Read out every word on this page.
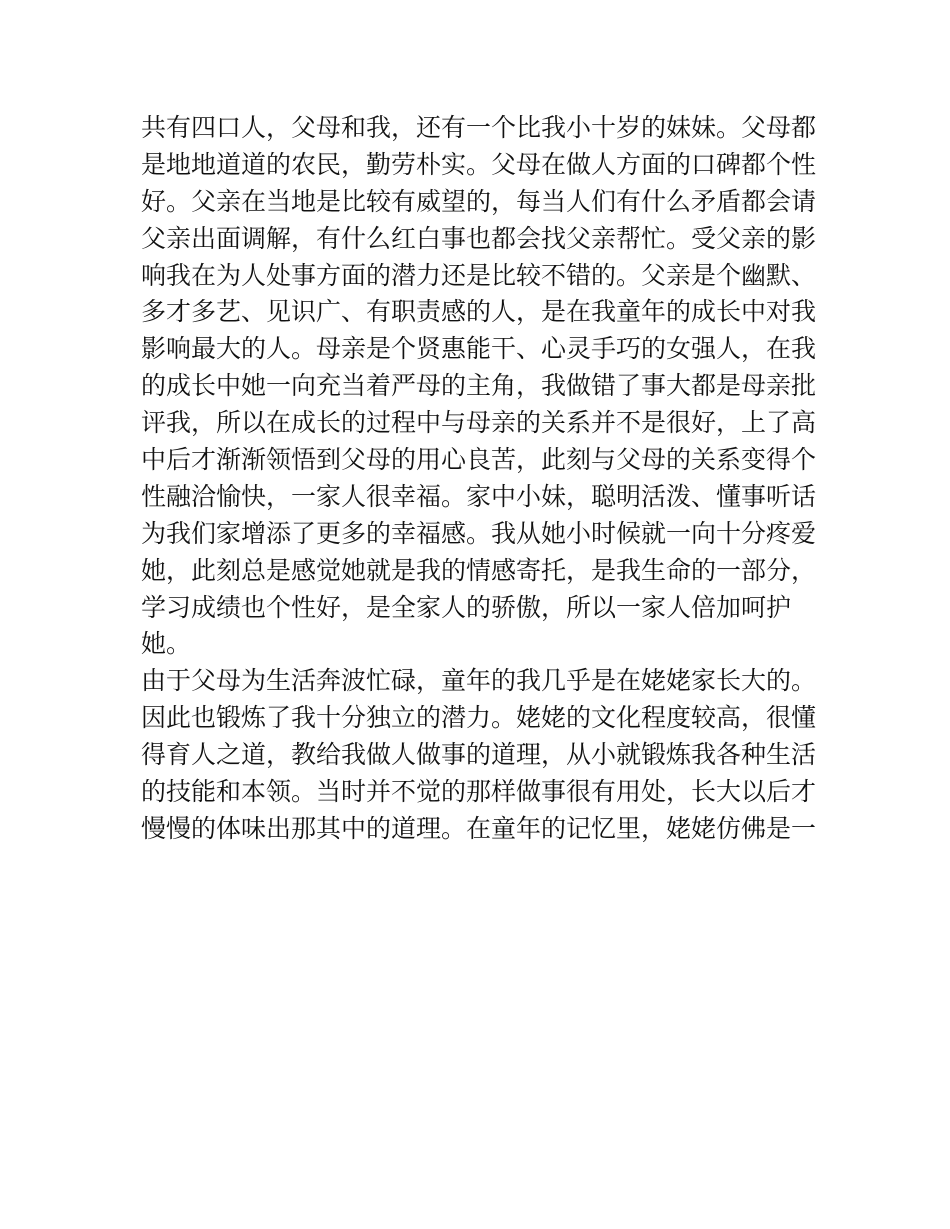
共有四口人，父母和我，还有一个比我小十岁的妹妹。父母都
是地地道道的农民，勤劳朴实。父母在做人方面的口碑都个性
好。父亲在当地是比较有威望的，每当人们有什么矛盾都会请
父亲出面调解，有什么红白事也都会找父亲帮忙。受父亲的影
响我在为人处事方面的潜力还是比较不错的。父亲是个幽默、
多才多艺、见识广、有职责感的人，是在我童年的成长中对我
影响最大的人。母亲是个贤惠能干、心灵手巧的女强人，在我
的成长中她一向充当着严母的主角，我做错了事大都是母亲批
评我，所以在成长的过程中与母亲的关系并不是很好，上了高
中后才渐渐领悟到父母的用心良苦，此刻与父母的关系变得个
性融洽愉快，一家人很幸福。家中小妹，聪明活泼、懂事听话
为我们家增添了更多的幸福感。我从她小时候就一向十分疼爱
她，此刻总是感觉她就是我的情感寄托，是我生命的一部分，
学习成绩也个性好，是全家人的骄傲，所以一家人倍加呵护
她。
由于父母为生活奔波忙碌，童年的我几乎是在姥姥家长大的。
因此也锻炼了我十分独立的潜力。姥姥的文化程度较高，很懂
得育人之道，教给我做人做事的道理，从小就锻炼我各种生活
的技能和本领。当时并不觉的那样做事很有用处，长大以后才
慢慢的体味出那其中的道理。在童年的记忆里，姥姥仿佛是一
